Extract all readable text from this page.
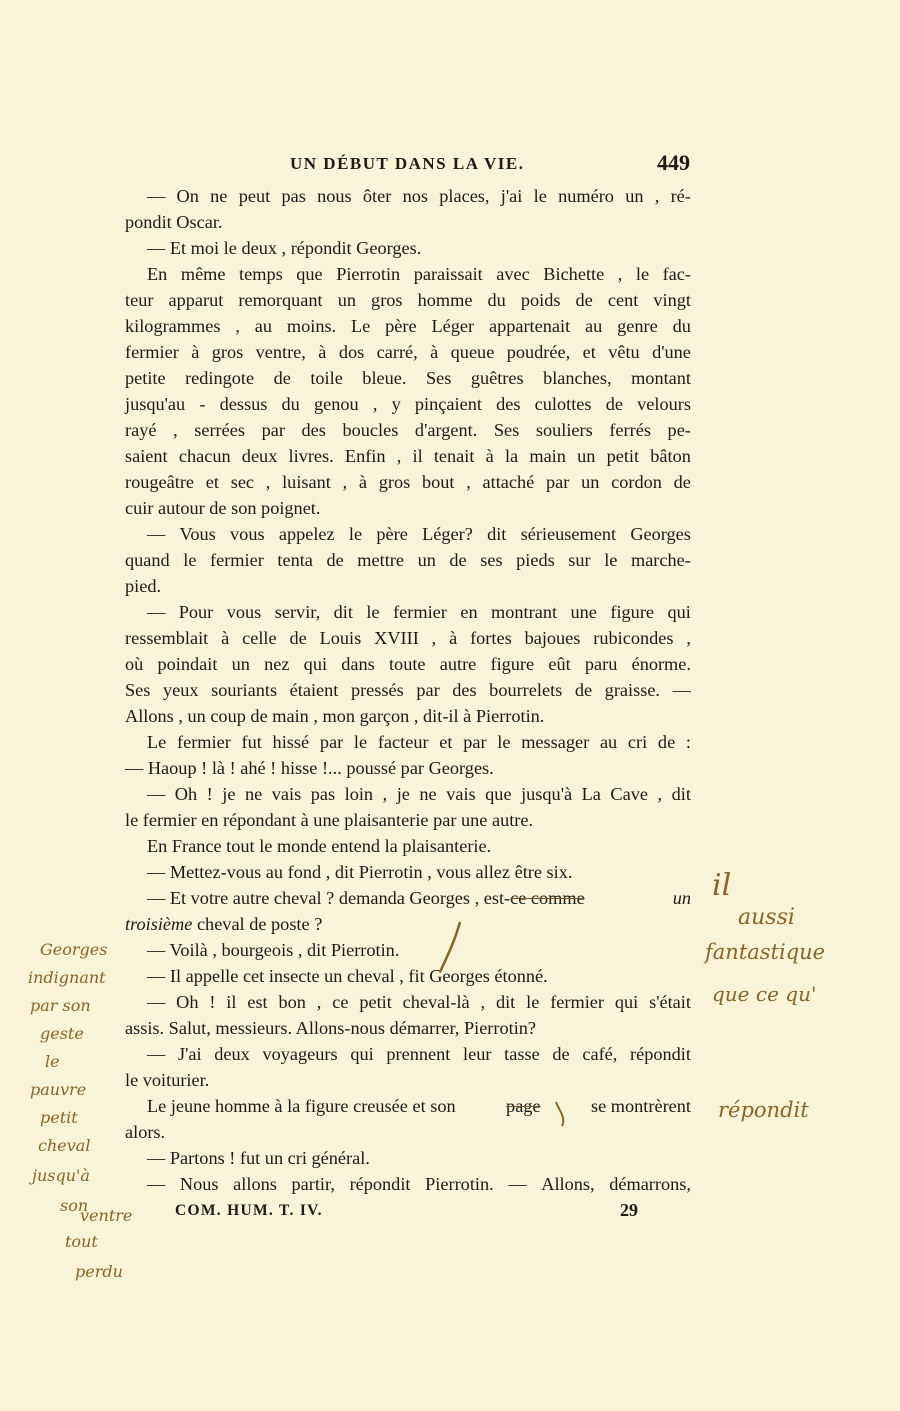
UN DÉBUT DANS LA VIE.	449
— On ne peut pas nous ôter nos places, j'ai le numéro un , ré-
pondit Oscar.
— Et moi le deux , répondit Georges.
En même temps que Pierrotin paraissait avec Bichette , le fac-
teur apparut remorquant un gros homme du poids de cent vingt
kilogrammes , au moins. Le père Léger appartenait au genre du
fermier à gros ventre, à dos carré, à queue poudrée, et vêtu d'une
petite redingote de toile bleue. Ses guêtres blanches, montant
jusqu'au - dessus du genou , y pinçaient des culottes de velours
rayé , serrées par des boucles d'argent. Ses souliers ferrés pe-
saient chacun deux livres. Enfin , il tenait à la main un petit bâton
rougeâtre et sec , luisant , à gros bout , attaché par un cordon de
cuir autour de son poignet.
— Vous vous appelez le père Léger? dit sérieusement Georges
quand le fermier tenta de mettre un de ses pieds sur le marche-
pied.
— Pour vous servir, dit le fermier en montrant une figure qui
ressemblait à celle de Louis XVIII , à fortes bajoues rubicondes ,
où poindait un nez qui dans toute autre figure eût paru énorme.
Ses yeux souriants étaient pressés par des bourrelets de graisse. —
Allons , un coup de main , mon garçon , dit-il à Pierrotin.
Le fermier fut hissé par le facteur et par le messager au cri de :
— Haoup ! là ! ahé ! hisse !... poussé par Georges.
— Oh ! je ne vais pas loin , je ne vais que jusqu'à La Cave , dit
le fermier en répondant à une plaisanterie par une autre.
En France tout le monde entend la plaisanterie.
— Mettez-vous au fond , dit Pierrotin , vous allez être six.
— Et votre autre cheval ? demanda Georges , est-ce comme	un
troisième cheval de poste ?
— Voilà , bourgeois , dit Pierrotin.
— Il appelle cet insecte un cheval , fit Georges étonné.
— Oh ! il est bon , ce petit cheval-là , dit le fermier qui s'était
assis. Salut, messieurs. Allons-nous démarrer, Pierrotin?
— J'ai deux voyageurs qui prennent leur tasse de café, répondit
le voiturier.
Le jeune homme à la figure creusée et son	page	se montrèrent
alors.
— Partons ! fut un cri général.
— Nous allons partir, répondit Pierrotin. — Allons, démarrons,
COM. HUM. T. IV.	29
il
aussi
fantastique
que ce qu'
répondit
Georges
indignant
par son
geste
le
pauvre
petit
cheval
jusqu'à
son
ventre
tout
perdu
